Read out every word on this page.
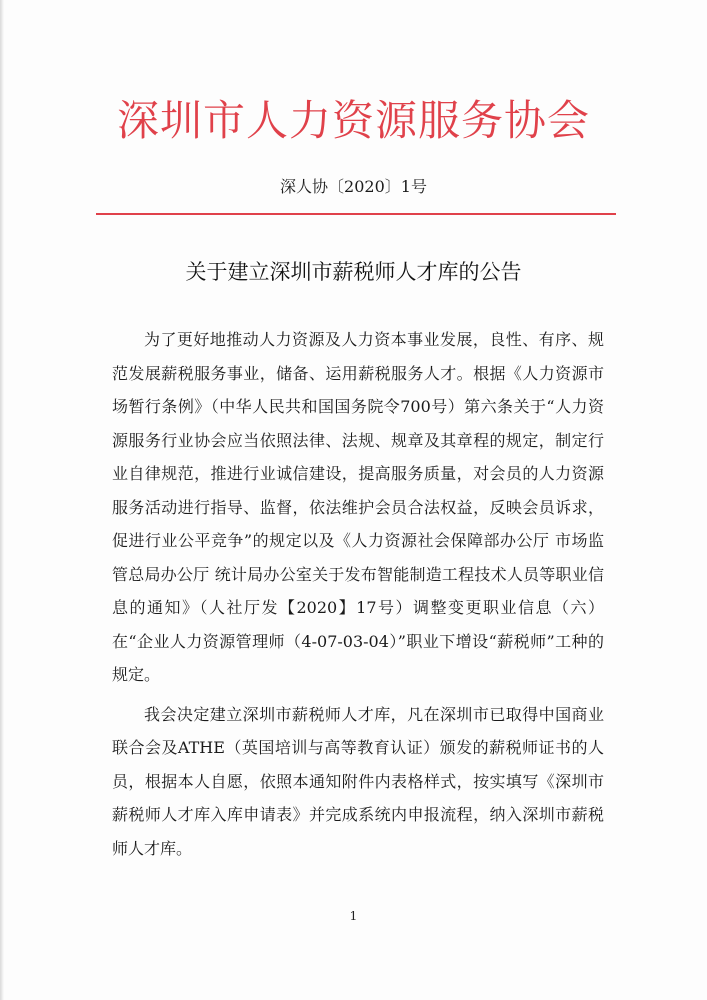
深圳市人力资源服务协会
深人协〔2020〕1号
关于建立深圳市薪税师人才库的公告

为了更好地推动人力资源及人力资本事业发展，良性、有序、规范发展薪税服务事业，储备、运用薪税服务人才。根据《人力资源市场暂行条例》（中华人民共和国国务院令700号）第六条关于“人力资源服务行业协会应当依照法律、法规、规章及其章程的规定，制定行业自律规范，推进行业诚信建设，提高服务质量，对会员的人力资源服务活动进行指导、监督，依法维护会员合法权益，反映会员诉求，促进行业公平竞争”的规定以及《人力资源社会保障部办公厅 市场监管总局办公厅 统计局办公室关于发布智能制造工程技术人员等职业信息的通知》（人社厅发【2020】17号）调整变更职业信息（六）在“企业人力资源管理师（4-07-03-04）”职业下增设“薪税师”工种的规定。

我会决定建立深圳市薪税师人才库，凡在深圳市已取得中国商业联合会及ATHE（英国培训与高等教育认证）颁发的薪税师证书的人员，根据本人自愿，依照本通知附件内表格样式，按实填写《深圳市薪税师人才库入库申请表》并完成系统内申报流程，纳入深圳市薪税师人才库。

1
